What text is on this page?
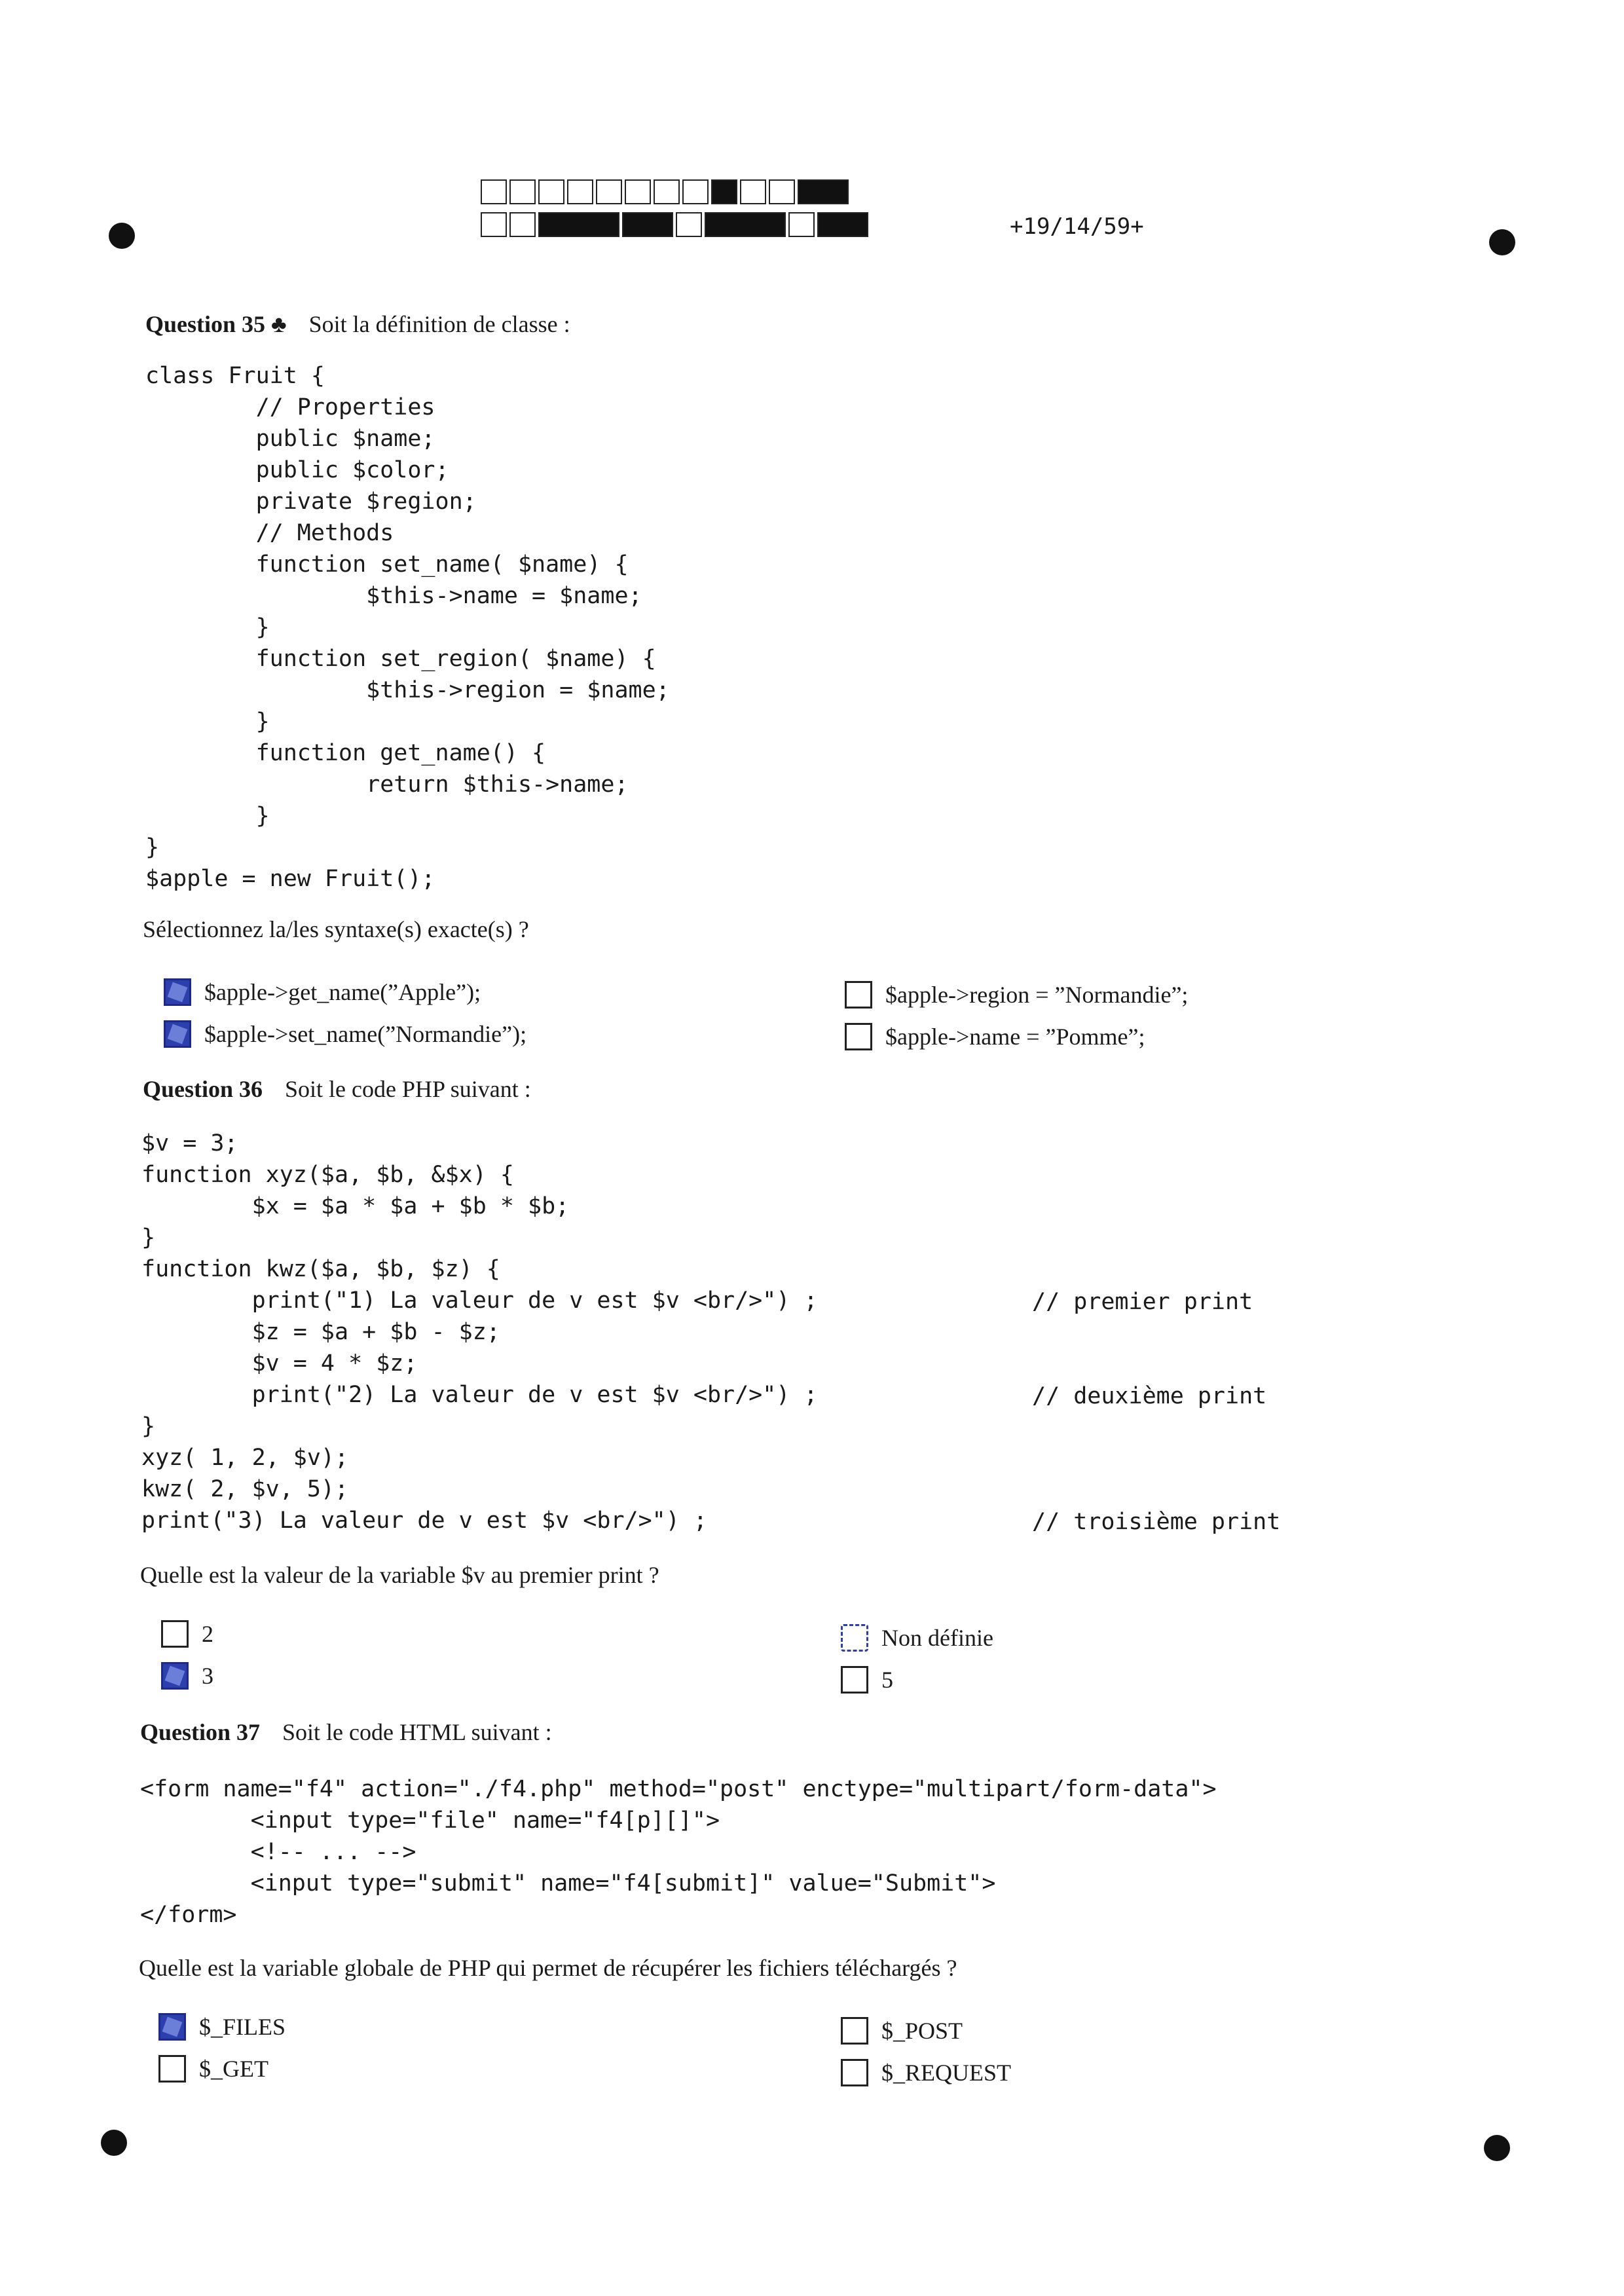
+19/14/59+
Question 35 ♣ Soit la définition de classe :
class Fruit {
// Properties
public $name;
public $color;
private $region;
// Methods
function set_name( $name) {
$this->name = $name;
}
function set_region( $name) {
$this->region = $name;
}
function get_name() {
return $this->name;
}
}
$apple = new Fruit();
Sélectionnez la/les syntaxe(s) exacte(s) ?
$apple->get_name(”Apple”);
$apple->set_name(”Normandie”);
$apple->region = ”Normandie”;
$apple->name = ”Pomme”;
Question 36 Soit le code PHP suivant :
$v = 3;
function xyz($a, $b, &$x) {
$x = $a * $a + $b * $b;
}
function kwz($a, $b, $z) {
print("1) La valeur de v est $v <br/>") ;
$z = $a + $b - $z;
$v = 4 * $z;
print("2) La valeur de v est $v <br/>") ;
}
xyz( 1, 2, $v);
kwz( 2, $v, 5);
print("3) La valeur de v est $v <br/>") ;
// premier print
// deuxième print
// troisième print
Quelle est la valeur de la variable $v au premier print ?
2
3
Non définie
5
Question 37 Soit le code HTML suivant :
<form name="f4" action="./f4.php" method="post" enctype="multipart/form-data">
<input type="file" name="f4[p][]">
<!-- ... -->
<input type="submit" name="f4[submit]" value="Submit">
</form>
Quelle est la variable globale de PHP qui permet de récupérer les fichiers téléchargés ?
$_FILES
$_GET
$_POST
$_REQUEST
